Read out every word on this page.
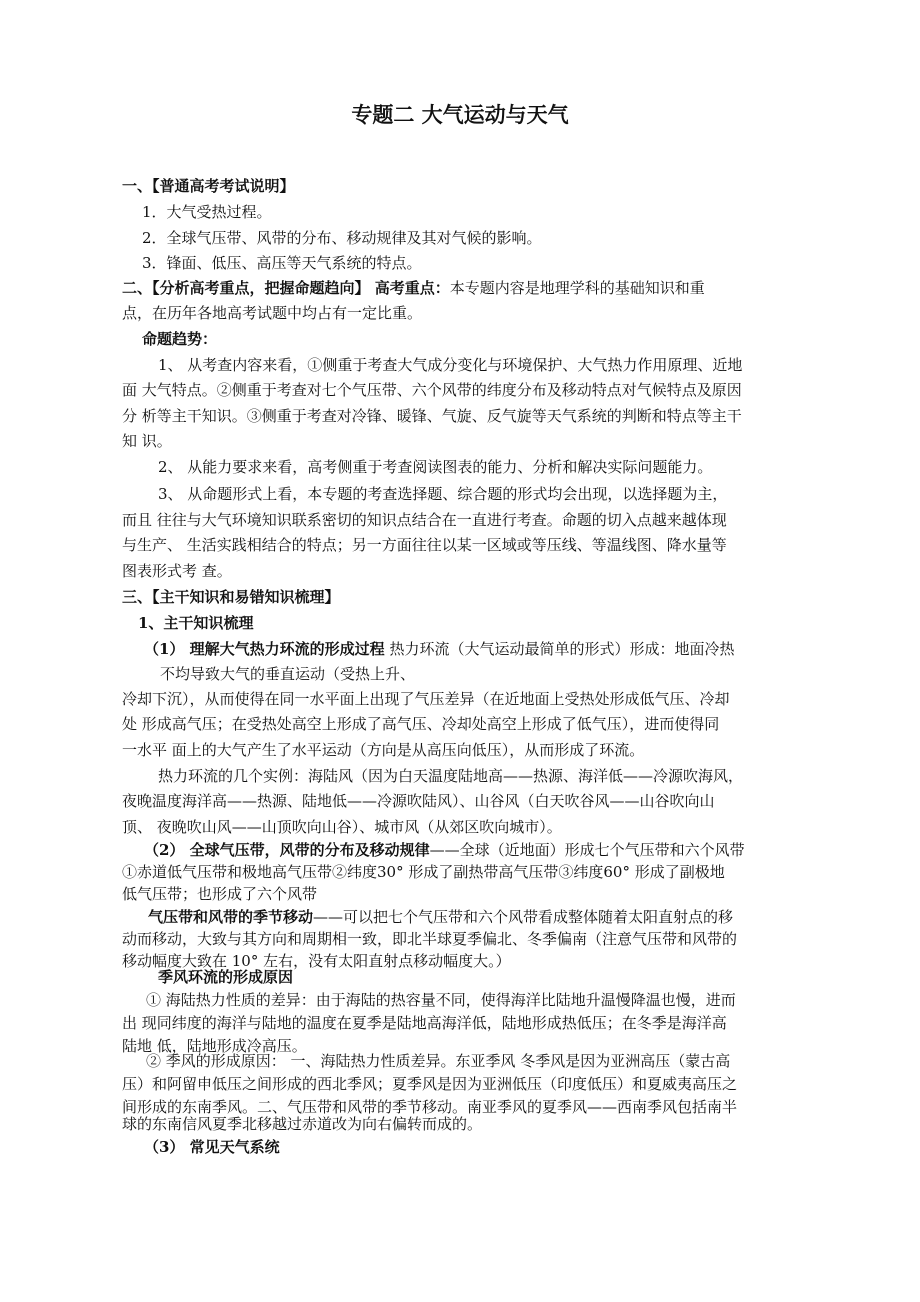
专题二 大气运动与天气
一、【普通高考考试说明】
1．大气受热过程。
2．全球气压带、风带的分布、移动规律及其对气候的影响。
3．锋面、低压、高压等天气系统的特点。
二、【分析高考重点，把握命题趋向】 高考重点：本专题内容是地理学科的基础知识和重
点，在历年各地高考试题中均占有一定比重。
命题趋势：
1、 从考查内容来看，①侧重于考查大气成分变化与环境保护、大气热力作用原理、近地
面 大气特点。②侧重于考查对七个气压带、六个风带的纬度分布及移动特点对气候特点及原因
分 析等主干知识。③侧重于考查对冷锋、暖锋、气旋、反气旋等天气系统的判断和特点等主干
知 识。
2、 从能力要求来看，高考侧重于考查阅读图表的能力、分析和解决实际问题能力。
3、 从命题形式上看，本专题的考查选择题、综合题的形式均会出现，以选择题为主，
而且 往往与大气环境知识联系密切的知识点结合在一直进行考查。命题的切入点越来越体现
与生产、 生活实践相结合的特点；另一方面往往以某一区域或等压线、等温线图、降水量等
图表形式考 查。
三、【主干知识和易错知识梳理】
1、主干知识梳理
（1） 理解大气热力环流的形成过程 热力环流（大气运动最简单的形式）形成：地面冷热
不均导致大气的垂直运动（受热上升、
冷却下沉），从而使得在同一水平面上出现了气压差异（在近地面上受热处形成低气压、冷却
处 形成高气压；在受热处高空上形成了高气压、冷却处高空上形成了低气压），进而使得同
一水平 面上的大气产生了水平运动（方向是从高压向低压），从而形成了环流。
热力环流的几个实例：海陆风（因为白天温度陆地高——热源、海洋低——冷源吹海风，
夜晚温度海洋高——热源、陆地低——冷源吹陆风）、山谷风（白天吹谷风——山谷吹向山
顶、 夜晚吹山风——山顶吹向山谷）、城市风（从郊区吹向城市）。
（2） 全球气压带，风带的分布及移动规律——全球（近地面）形成七个气压带和六个风带
①赤道低气压带和极地高气压带②纬度30° 形成了副热带高气压带③纬度60° 形成了副极地
低气压带；也形成了六个风带
气压带和风带的季节移动——可以把七个气压带和六个风带看成整体随着太阳直射点的移
动而移动，大致与其方向和周期相一致，即北半球夏季偏北、冬季偏南（注意气压带和风带的
移动幅度大致在 10° 左右，没有太阳直射点移动幅度大。）
季风环流的形成原因
① 海陆热力性质的差异：由于海陆的热容量不同，使得海洋比陆地升温慢降温也慢，进而
出 现同纬度的海洋与陆地的温度在夏季是陆地高海洋低，陆地形成热低压；在冬季是海洋高
陆地 低，陆地形成冷高压。
② 季风的形成原因： 一、海陆热力性质差异。东亚季风 冬季风是因为亚洲高压（蒙古高
压）和阿留申低压之间形成的西北季风；夏季风是因为亚洲低压（印度低压）和夏威夷高压之
间形成的东南季风。二、气压带和风带的季节移动。南亚季风的夏季风——西南季风包括南半
球的东南信风夏季北移越过赤道改为向右偏转而成的。
（3） 常见天气系统
